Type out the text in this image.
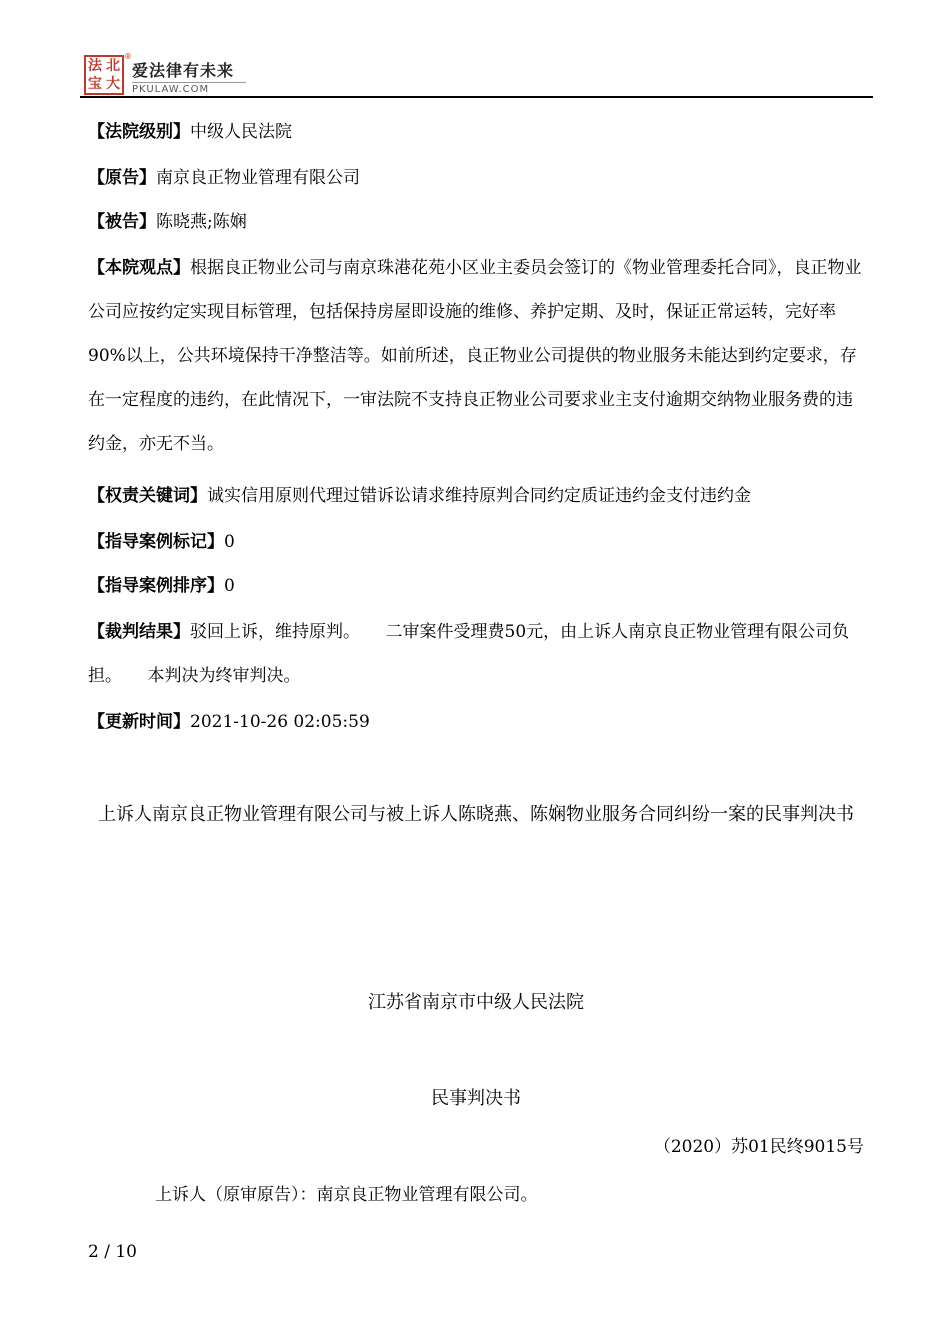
法 北
宝 大
®
爱法律有未来
PKULAW.COM

【法院级别】中级人民法院

【原告】南京良正物业管理有限公司

【被告】陈晓燕;陈娴

【本院观点】根据良正物业公司与南京珠港花苑小区业主委员会签订的《物业管理委托合同》，良正物业公司应按约定实现目标管理，包括保持房屋即设施的维修、养护定期、及时，保证正常运转，完好率90%以上，公共环境保持干净整洁等。如前所述，良正物业公司提供的物业服务未能达到约定要求，存在一定程度的违约，在此情况下，一审法院不支持良正物业公司要求业主支付逾期交纳物业服务费的违约金，亦无不当。

【权责关键词】诚实信用原则代理过错诉讼请求维持原判合同约定质证违约金支付违约金

【指导案例标记】0

【指导案例排序】0

【裁判结果】驳回上诉，维持原判。　　二审案件受理费50元，由上诉人南京良正物业管理有限公司负担。　　本判决为终审判决。

【更新时间】2021-10-26 02:05:59

上诉人南京良正物业管理有限公司与被上诉人陈晓燕、陈娴物业服务合同纠纷一案的民事判决书

江苏省南京市中级人民法院

民事判决书

（2020）苏01民终9015号

上诉人（原审原告）：南京良正物业管理有限公司。

2 / 10
